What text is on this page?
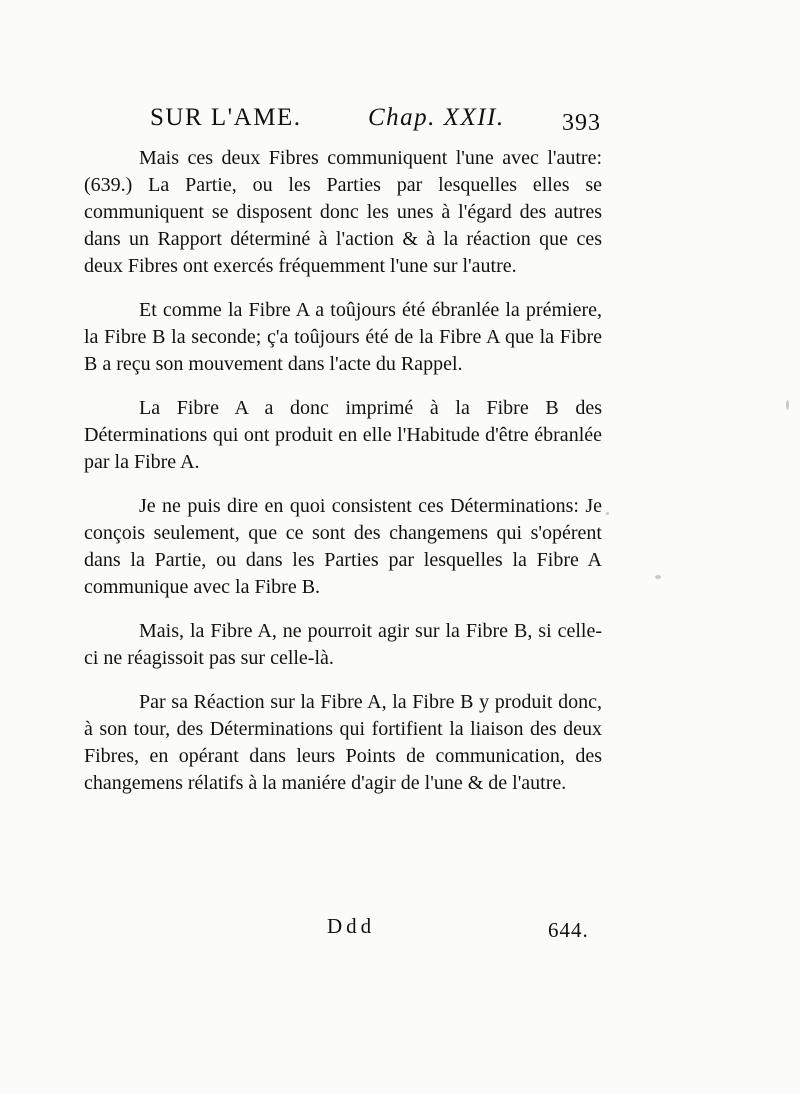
SUR L'AME.	Chap. XXII. 393

Mais ces deux Fibres communiquent l'une avec l'autre: (639.) La Partie, ou les Parties par lesquelles elles se communiquent se disposent donc les unes à l'égard des autres dans un Rapport déterminé à l'action & à la réaction que ces deux Fibres ont exercés fréquemment l'une sur l'autre.

Et comme la Fibre A a toûjours été ébranlée la prémiere, la Fibre B la seconde; ç'a toûjours été de la Fibre A que la Fibre B a reçu son mouvement dans l'acte du Rappel.

La Fibre A a donc imprimé à la Fibre B des Déterminations qui ont produit en elle l'Habitude d'être ébranlée par la Fibre A.

Je ne puis dire en quoi consistent ces Déterminations: Je conçois seulement, que ce sont des changemens qui s'opérent dans la Partie, ou dans les Parties par lesquelles la Fibre A communique avec la Fibre B.

Mais, la Fibre A, ne pourroit agir sur la Fibre B, si celle-ci ne réagissoit pas sur celle-là.

Par sa Réaction sur la Fibre A, la Fibre B y produit donc, à son tour, des Déterminations qui fortifient la liaison des deux Fibres, en opérant dans leurs Points de communication, des changemens rélatifs à la maniére d'agir de l'une & de l'autre.

Ddd	644.
